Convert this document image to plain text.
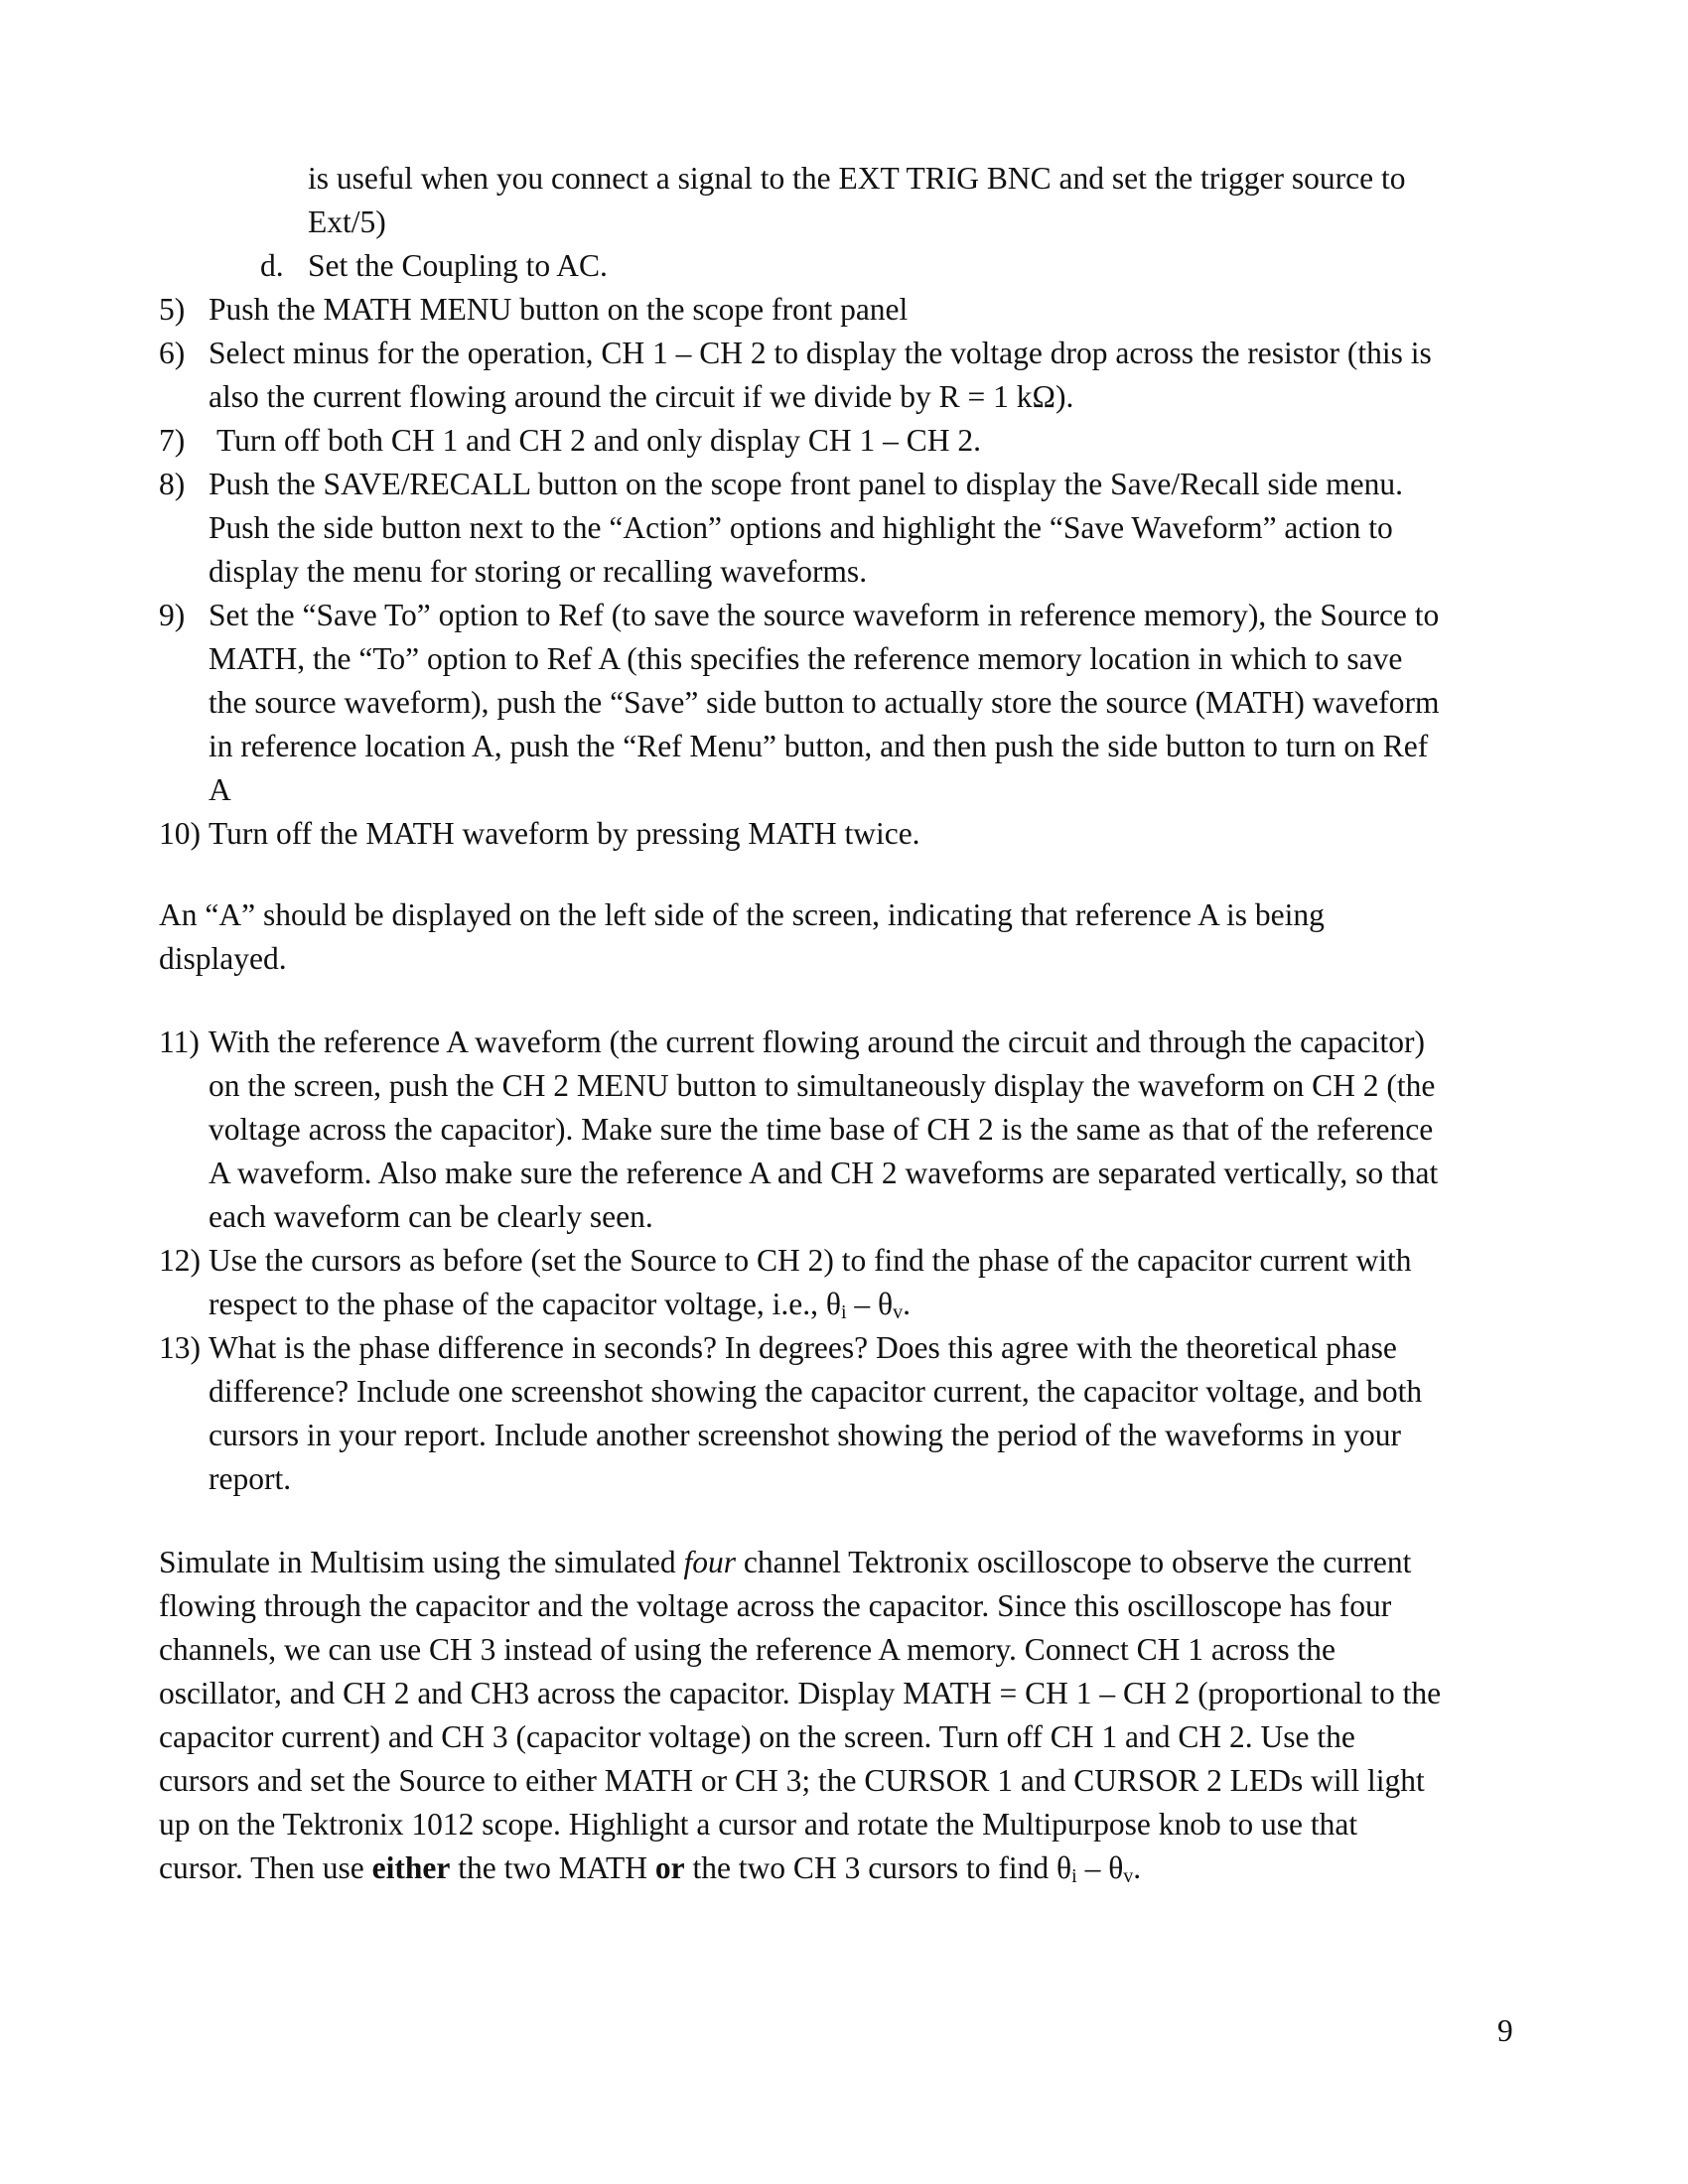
is useful when you connect a signal to the EXT TRIG BNC and set the trigger source to
Ext/5)
d. Set the Coupling to AC.
5) Push the MATH MENU button on the scope front panel
6) Select minus for the operation, CH 1 – CH 2 to display the voltage drop across the resistor (this is
also the current flowing around the circuit if we divide by R = 1 kΩ).
7) Turn off both CH 1 and CH 2 and only display CH 1 – CH 2.
8) Push the SAVE/RECALL button on the scope front panel to display the Save/Recall side menu.
Push the side button next to the “Action” options and highlight the “Save Waveform” action to
display the menu for storing or recalling waveforms.
9) Set the “Save To” option to Ref (to save the source waveform in reference memory), the Source to
MATH, the “To” option to Ref A (this specifies the reference memory location in which to save
the source waveform), push the “Save” side button to actually store the source (MATH) waveform
in reference location A, push the “Ref Menu” button, and then push the side button to turn on Ref
A
10) Turn off the MATH waveform by pressing MATH twice.
An “A” should be displayed on the left side of the screen, indicating that reference A is being
displayed.
11) With the reference A waveform (the current flowing around the circuit and through the capacitor)
on the screen, push the CH 2 MENU button to simultaneously display the waveform on CH 2 (the
voltage across the capacitor). Make sure the time base of CH 2 is the same as that of the reference
A waveform. Also make sure the reference A and CH 2 waveforms are separated vertically, so that
each waveform can be clearly seen.
12) Use the cursors as before (set the Source to CH 2) to find the phase of the capacitor current with
respect to the phase of the capacitor voltage, i.e., $\theta_i - \theta_v$.
13) What is the phase difference in seconds? In degrees? Does this agree with the theoretical phase
difference? Include one screenshot showing the capacitor current, the capacitor voltage, and both
cursors in your report. Include another screenshot showing the period of the waveforms in your
report.
Simulate in Multisim using the simulated four channel Tektronix oscilloscope to observe the current
flowing through the capacitor and the voltage across the capacitor. Since this oscilloscope has four
channels, we can use CH 3 instead of using the reference A memory. Connect CH 1 across the
oscillator, and CH 2 and CH3 across the capacitor. Display MATH = CH 1 – CH 2 (proportional to the
capacitor current) and CH 3 (capacitor voltage) on the screen. Turn off CH 1 and CH 2. Use the
cursors and set the Source to either MATH or CH 3; the CURSOR 1 and CURSOR 2 LEDs will light
up on the Tektronix 1012 scope. Highlight a cursor and rotate the Multipurpose knob to use that
cursor. Then use either the two MATH or the two CH 3 cursors to find $\theta_i - \theta_v$.
9
